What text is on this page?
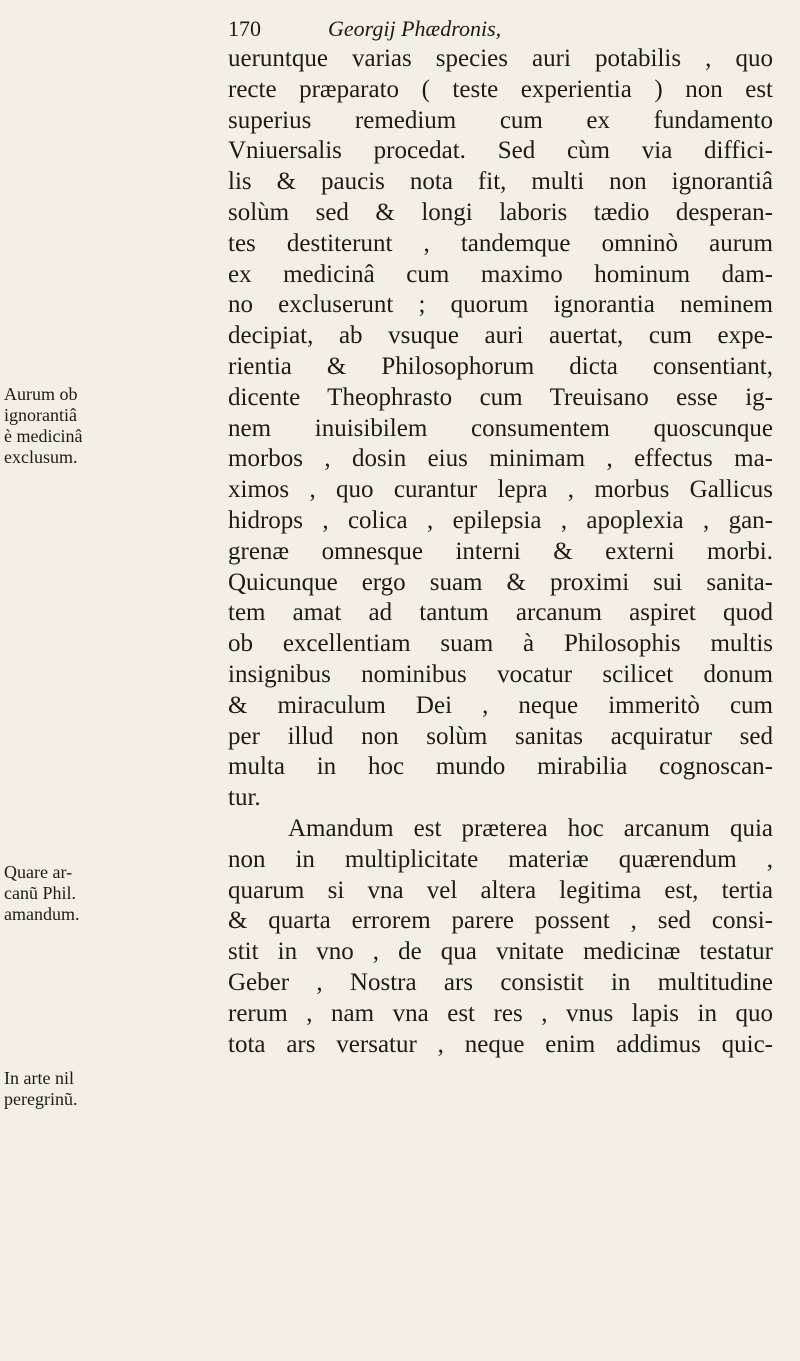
170	Georgij Phædronis,
ueruntque varias species auri potabilis , quo
recte præparato ( teste experientia ) non est
superius remedium cum ex fundamento
Vniuersalis procedat. Sed cùm via diffici-
lis & paucis nota fit, multi non ignorantiâ
solùm sed & longi laboris tædio desperan-
tes destiterunt , tandemque omninò aurum
ex medicinâ cum maximo hominum dam-
no excluserunt ; quorum ignorantia neminem
decipiat, ab vsuque auri auertat, cum expe-
rientia & Philosophorum dicta consentiant,
dicente Theophrasto cum Treuisano esse ig-
nem inuisibilem consumentem quoscunque
morbos , dosin eius minimam , effectus ma-
ximos , quo curantur lepra , morbus Gallicus
hidrops , colica , epilepsia , apoplexia , gan-
grenæ omnesque interni & externi morbi.
Quicunque ergo suam & proximi sui sanita-
tem amat ad tantum arcanum aspiret quod
ob excellentiam suam à Philosophis multis
insignibus nominibus vocatur scilicet donum
& miraculum Dei , neque immeritò cum
per illud non solùm sanitas acquiratur sed
multa in hoc mundo mirabilia cognoscan-
tur.
Amandum est præterea hoc arcanum quia
non in multiplicitate materiæ quærendum ,
quarum si vna vel altera legitima est, tertia
& quarta errorem parere possent , sed consi-
stit in vno , de qua vnitate medicinæ testatur
Geber , Nostra ars consistit in multitudine
rerum , nam vna est res , vnus lapis in quo
tota ars versatur , neque enim addimus quic-
Aurum ob
ignorantiâ
è medicinâ
exclusum.
Quare ar-
canũ Phil.
amandum.
In arte nil
peregrinũ.
